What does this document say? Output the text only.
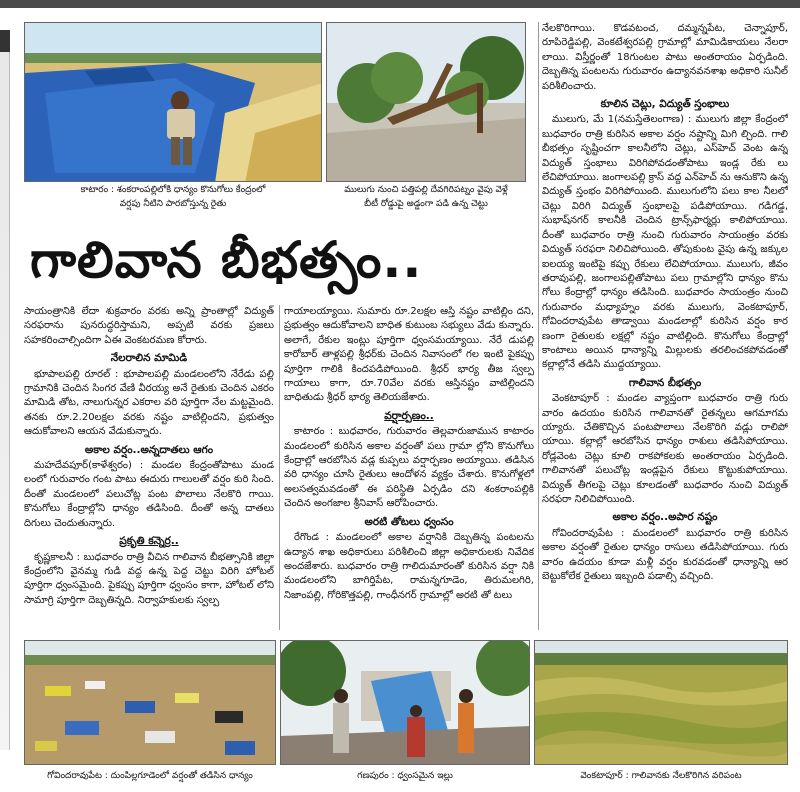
కాటారం : శంకరాంపల్లిలోకి ధాన్యం కొనుగోలు కేంద్రంలో
వర్షపు నీటిని పారబోస్తున్న రైతు
ములుగు నుంచి పత్తిపల్లి దేవగిరిపట్నం వైపు వెళ్లే
బీటీ రోడ్డుపై అడ్డంగా పడి ఉన్న చెట్టు
గాలివాన బీభత్సం..

సాయంత్రానికి లేదా శుక్రవారం వరకు అన్ని ప్రాంతాల్లో విద్యుత్ సరఫరాను పునరుద్ధరిస్తామని, అప్పటి వరకు ప్రజలు సహకరించాల్సిందిగా ఏఈ వెంకటరమణ కోరారు.

నేలరాలిన మామిడి

భూపాలపల్లి రూరల్ : భూపాలపల్లి మండలంలోని నేరేడు పల్లి గ్రామానికి చెందిన సింగర వేణి వీరయ్య అనే రైతుకు చెందిన ఎకరం మామిడి తోట, నాలుగున్నర ఎకరాల వరి పూర్తిగా నేల మట్టమైంది. తనకు రూ.2.20లక్షల వరకు నష్టం వాటిల్లిందని, ప్రభుత్వం ఆదుకోవాలని ఆయన వేడుకున్నారు.

అకాల వర్షం..అన్నదాతలు ఆగం

మహదేవపూర్(కాళేశ్వరం) : మండల కేంద్రంతోపాటు మండ లంలో గురువారం గంట పాటు ఈదురు గాలులతో వర్షం కురి సింది. దీంతో మండలంలో పలుచోట్ల పంట పొలాలు నేలకొరి గాయి. కొనుగోలు కేంద్రాల్లోని ధాన్యం తడిసింది. దీంతో అన్న దాతలు దిగులు చెందుతున్నారు.

ప్రకృతి కన్నెర్ర..

కృష్ణకాలనీ : బుధవారం రాత్రి వీచిన గాలివాన బీభత్సానికి జిల్లా కేంద్రంలోని వైనమ్మ గుడి వద్ద ఉన్న పెద్ద చెట్టు విరిగి హోటల్ పూర్తిగా ధ్వంసమైంది. పైకప్పు పూర్తిగా ధ్వంసం కాగా, హోటల్ లోని సామాగ్రి పూర్తిగా దెబ్బతిన్నది. నిర్వాహకులకు స్వల్ప

గాయాలయ్యాయి. సుమారు రూ.2లక్షల ఆస్తి నష్టం వాటిల్లిం దని, ప్రభుత్వం ఆదుకోవాలని బాధిత కుటుంబ సభ్యులు వేడు కున్నారు. అలాగే, రేకుల ఇంట్లు పూర్తిగా ధ్వంసమయ్యాయి. నేరే డుపల్లి కారోబార్ తాళ్లపల్లి శ్రీధర్‌కు చెందిన నివాసంలో గల ఇంటి పైకప్పు పూర్తిగా గాలికి కిందపడిపోయింది. శ్రీధర్ భార్య తీజ స్వల్ప గాయాలు కాగా, రూ.70వేల వరకు ఆస్తినష్టం వాటిల్లిందని బాధితుడు శ్రీధర్ భార్య తెలియజేశారు.

వర్షార్పణం..

కాటారం : బుధవారం, గురువారం తెల్లవారుజామున కాటారం మండలంలో కురిసిన అకాల వర్షంతో పలు గ్రామా ల్లోని కొనుగోలు కేంద్రాల్లో ఆరబోసిన వడ్ల కుప్పలు వర్షార్పణం అయ్యాయి. తడిసిన వరి ధాన్యం చూసి రైతులు ఆందోళన వ్యక్తం చేశారు. కొనుగోళ్లలో అలసత్వమవడంతో ఈ పరిస్థితి ఏర్పడిం దని శంకరాంపల్లికి చెందిన అంగజాల శ్రీనివాస్ ఆరోపించారు.

అరటి తోటలు ధ్వంసం

రేగొండ : మండలంలో అకాల వర్షానికి దెబ్బతిన్న పంటలను ఉద్యాన శాఖ అధికారులు పరిశీలించి జిల్లా అధికారులకు నివేదిక అందజేశారు. బుధవారం రాత్రి గాలిదుమారంతో కురిసిన వర్షా నికి మండలంలోని బాగిర్తిపేట, రామన్నగూడెం, తిరుమలగిరి, నిజాంపల్లి, గోరికొత్తపల్లి, గాంధీనగర్ గ్రామాల్లో అరటి తో టలు

నేలకొరిగాయి. కొడవటంచ, దమ్మన్నపేట, చెన్నాపూర్, రూపిరెడ్డిపల్లి, వెంకటేశ్వరపల్లి గ్రామాల్లో మామిడికాయలు నేలరా లాయి. విస్తీర్ణంతో 18గుంటల పాటు అంతరాయం ఏర్పడింది. దెబ్బతిన్న పంటలను గురువారం ఉద్యానవనశాఖ అధికారి సునీల్ పరిశీలించారు.

కూలిన చెట్లు, విద్యుత్ స్తంభాలు

ములుగు, మే 1(నమస్తేతెలంగాణ) : ములుగు జిల్లా కేంద్రంలో బుధవారం రాత్రి కురిసిన అకాల వర్షం నష్టాన్ని మిగి ల్చింది. గాలి బీభత్సం సృష్టించగా కాలనీలోని చెట్లు, ఎస్‌హెచ్ వెంట ఉన్న విద్యుత్ స్తంభాలు విరిగిపోవడంతోపాటు ఇండ్ల రేకు లు లేచిపోయాయి. జంగాలపల్లి క్రాస్ వద్ద ఎన్‌హెచ్ ను ఆనుకొని ఉన్న విద్యుత్ స్తంభం విరిగిపోయింది. ములుగులోని పలు కాల నీలలో చెట్లు విరిగి విద్యుత్ స్తంభాలపై పడిపోయాయి. గడిగడ్డ, సుభాష్‌నగర్ కాలనీకి చెందిన ట్రాన్స్‌ఫార్మర్లు కాలిపోయాయి. దీంతో బుధవారం రాత్రి నుంచి గురువారం సాయంత్రం వరకు విద్యుత్ సరఫరా నిలిచిపోయింది. తోపుకుంట వైపు ఉన్న జక్కుల ఐలయ్య ఇంటిపై కప్పు రేకులు లేచిపోయాయి. ములుగు, జీవం తరావుపల్లి, జంగాలపల్లితోపాటు పలు గ్రామాల్లోని ధాన్యం కొను గోలు కేంద్రాల్లో ధాన్యం తడిసింది. బుధవారం సాయంత్రం నుంచి గురువారం మధ్యాహ్నం వరకు ములుగు, వెంకటాపూర్, గోవిందరావుపేట తాడ్వాయి మండలాల్లో కురిసిన వర్షం కార ణంగా రైతులకు లక్షల్లో నష్టం వాటిల్లింది. కొనుగోలు కేంద్రాల్లో కాంటాలు అయిన ధాన్యాన్ని మిల్లులకు తరలించకపోవడంతో కల్లాల్లోనే తడిసి ముద్దయ్యాయి.

గాలివాన బీభత్సం

వెంకటాపూర్ : మండల వ్యాప్తంగా బుధవారం రాత్రి గురు వారం ఉదయం కురిసిన గాలివానతో రైతన్నలు ఆగమాగమ య్యారు. చేతికొచ్చిన పంటపొలాలు నేలకొరిగి వడ్లు రాలిపో యాయి. కల్లాల్లో ఆరబోసిన ధాన్యం రాశులు తడిసిపోయాయి. రోడ్లవెంట చెట్లు కూలి రాకపోకలకు అంతరాయం ఏర్పడింది. గాలివానతో పలుచోట్ల ఇండ్లపైన రేకులు కొట్టుకుపోయాయి. విద్యుత్ తీగలపై చెట్లు కూలడంతో బుధవారం నుంచి విద్యుత్ సరఫరా నిలిచిపోయింది.

అకాల వర్షం..అపార నష్టం

గోవిందరావుపేట : మండలంలో బుధవారం రాత్రి కురిసిన అకాల వర్షంతో రైతుల ధాన్యం రాసులు తడిసిపోయాయి. గురు వారం ఉదయం కూడా మళ్లీ వర్షం కురవడంతో ధాన్యాన్ని ఆర బెట్టుకోలేక రైతులు ఇబ్బంది పడాల్సి వచ్చింది.

గోవిందరావుపేట : దుంపిల్లగూడెంలో వర్షంతో తడిసిన ధాన్యం	గణపురం : ధ్వంసమైన ఇల్లు	వెంకటాపూర్ : గాలివానకు నేలకొరిగిన వరిపంట
